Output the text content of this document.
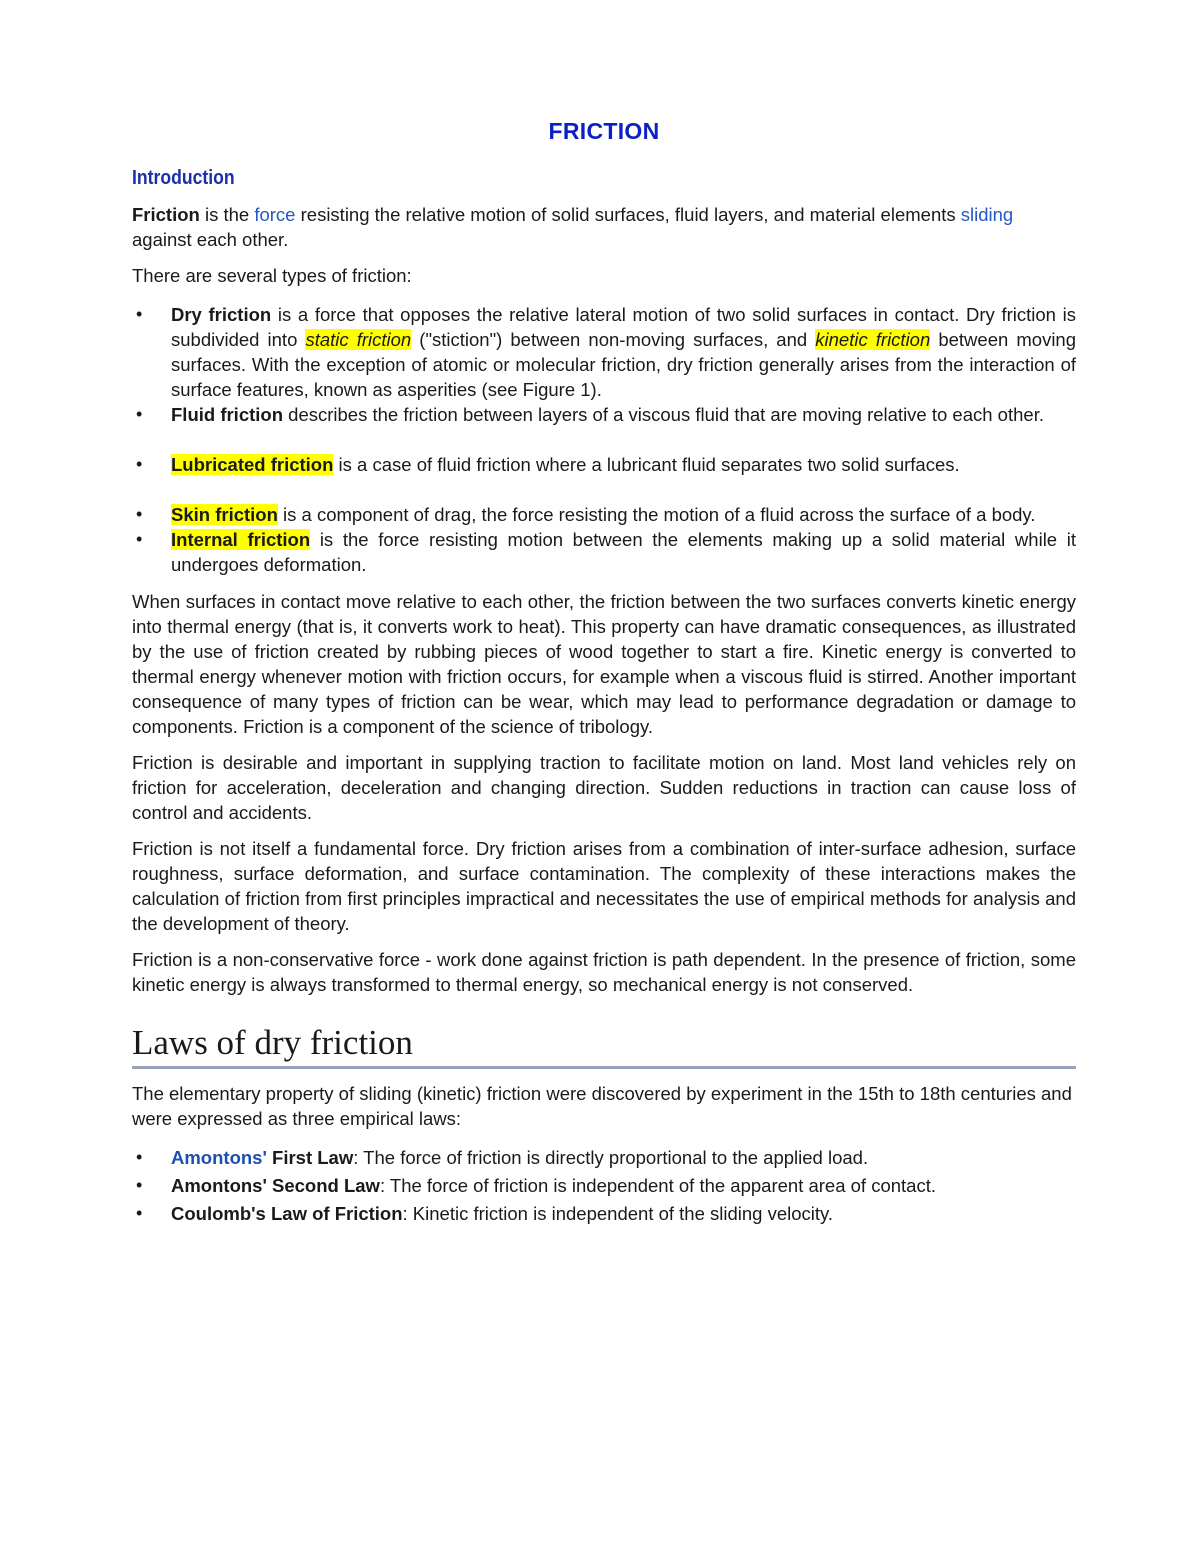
FRICTION
Introduction

Friction is the force resisting the relative motion of solid surfaces, fluid layers, and material elements sliding against each other.

There are several types of friction:

• Dry friction is a force that opposes the relative lateral motion of two solid surfaces in contact. Dry friction is subdivided into static friction ("stiction") between non-moving surfaces, and kinetic friction between moving surfaces. With the exception of atomic or molecular friction, dry friction generally arises from the interaction of surface features, known as asperities (see Figure 1).
• Fluid friction describes the friction between layers of a viscous fluid that are moving relative to each other.
• Lubricated friction is a case of fluid friction where a lubricant fluid separates two solid surfaces.
• Skin friction is a component of drag, the force resisting the motion of a fluid across the surface of a body.
• Internal friction is the force resisting motion between the elements making up a solid material while it undergoes deformation.

When surfaces in contact move relative to each other, the friction between the two surfaces converts kinetic energy into thermal energy (that is, it converts work to heat). This property can have dramatic consequences, as illustrated by the use of friction created by rubbing pieces of wood together to start a fire. Kinetic energy is converted to thermal energy whenever motion with friction occurs, for example when a viscous fluid is stirred. Another important consequence of many types of friction can be wear, which may lead to performance degradation or damage to components. Friction is a component of the science of tribology.

Friction is desirable and important in supplying traction to facilitate motion on land. Most land vehicles rely on friction for acceleration, deceleration and changing direction. Sudden reductions in traction can cause loss of control and accidents.

Friction is not itself a fundamental force. Dry friction arises from a combination of inter-surface adhesion, surface roughness, surface deformation, and surface contamination. The complexity of these interactions makes the calculation of friction from first principles impractical and necessitates the use of empirical methods for analysis and the development of theory.

Friction is a non-conservative force - work done against friction is path dependent. In the presence of friction, some kinetic energy is always transformed to thermal energy, so mechanical energy is not conserved.

Laws of dry friction

The elementary property of sliding (kinetic) friction were discovered by experiment in the 15th to 18th centuries and were expressed as three empirical laws:

• Amontons' First Law: The force of friction is directly proportional to the applied load.
• Amontons' Second Law: The force of friction is independent of the apparent area of contact.
• Coulomb's Law of Friction: Kinetic friction is independent of the sliding velocity.
